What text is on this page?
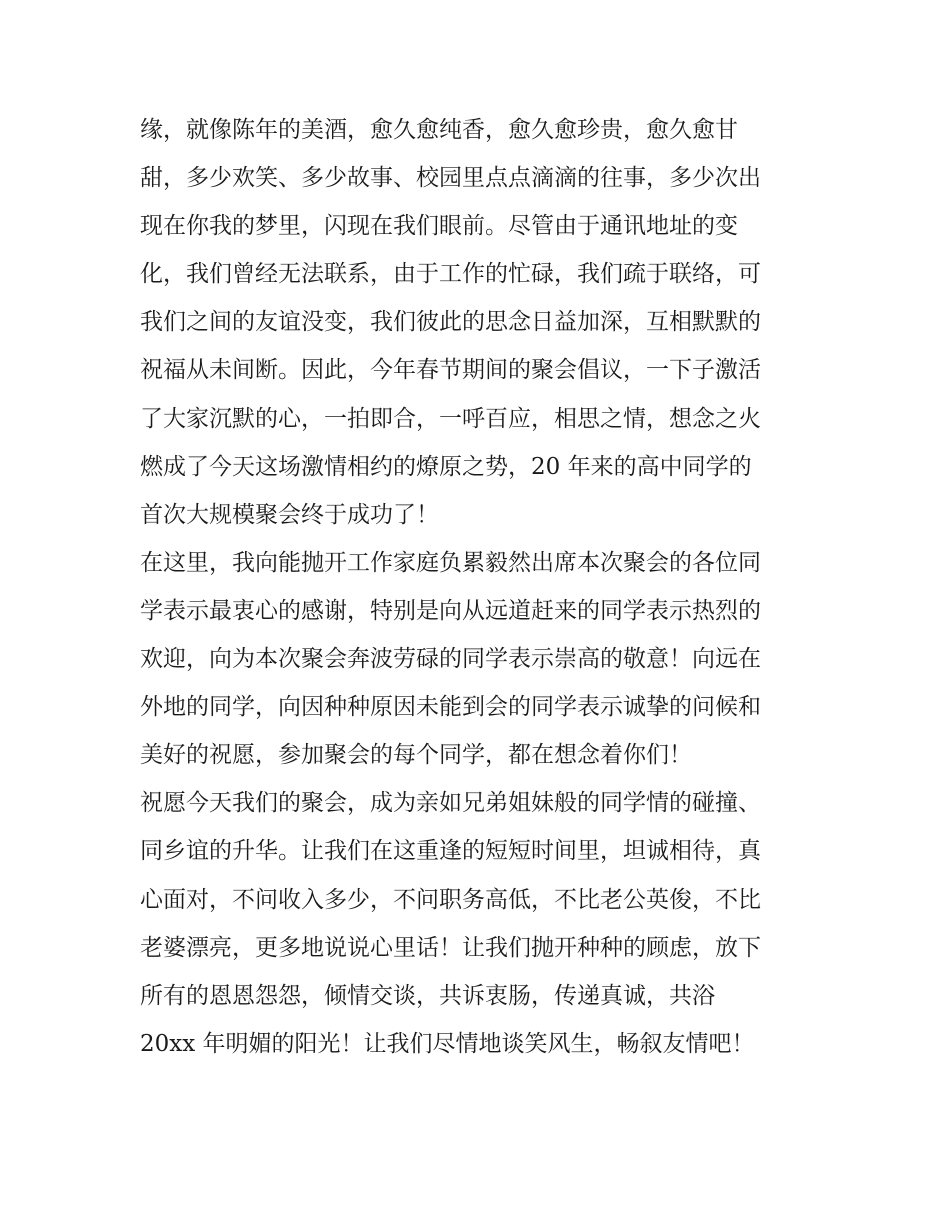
缘，就像陈年的美酒，愈久愈纯香，愈久愈珍贵，愈久愈甘
甜，多少欢笑、多少故事、校园里点点滴滴的往事，多少次出
现在你我的梦里，闪现在我们眼前。尽管由于通讯地址的变
化，我们曾经无法联系，由于工作的忙碌，我们疏于联络，可
我们之间的友谊没变，我们彼此的思念日益加深，互相默默的
祝福从未间断。因此，今年春节期间的聚会倡议，一下子激活
了大家沉默的心，一拍即合，一呼百应，相思之情，想念之火
燃成了今天这场激情相约的燎原之势，20 年来的高中同学的
首次大规模聚会终于成功了！
在这里，我向能抛开工作家庭负累毅然出席本次聚会的各位同
学表示最衷心的感谢，特别是向从远道赶来的同学表示热烈的
欢迎，向为本次聚会奔波劳碌的同学表示崇高的敬意！向远在
外地的同学，向因种种原因未能到会的同学表示诚挚的问候和
美好的祝愿，参加聚会的每个同学，都在想念着你们！
祝愿今天我们的聚会，成为亲如兄弟姐妹般的同学情的碰撞、
同乡谊的升华。让我们在这重逢的短短时间里，坦诚相待，真
心面对，不问收入多少，不问职务高低，不比老公英俊，不比
老婆漂亮，更多地说说心里话！让我们抛开种种的顾虑，放下
所有的恩恩怨怨，倾情交谈，共诉衷肠，传递真诚，共浴
20xx 年明媚的阳光！让我们尽情地谈笑风生，畅叙友情吧！
